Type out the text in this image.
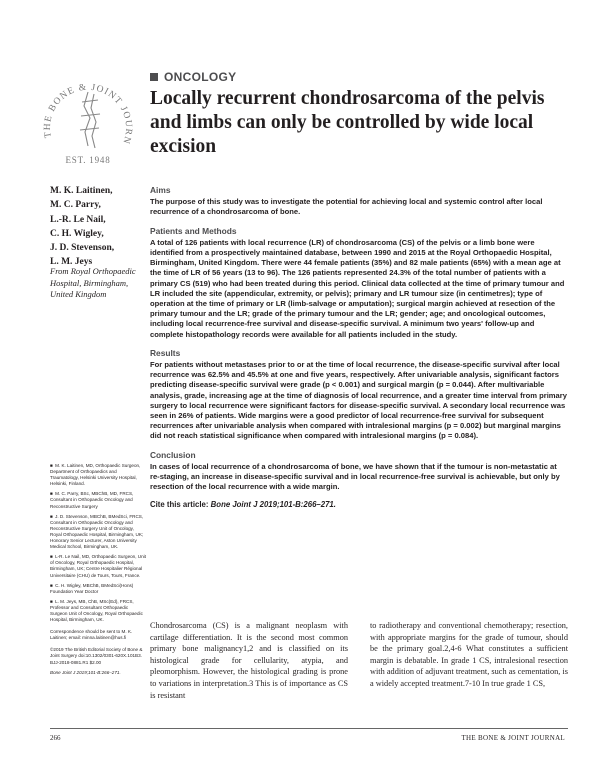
THE BONE & JOINT JOURN
EST. 1948
ONCOLOGY
Locally recurrent chondrosarcoma of the pelvis and limbs can only be controlled by wide local excision
M. K. Laitinen,
M. C. Parry,
L.-R. Le Nail,
C. H. Wigley,
J. D. Stevenson,
L. M. Jeys
From Royal Orthopaedic Hospital, Birmingham, United Kingdom

■ M. K. Laitinen, MD, Orthopaedic Surgeon, Department of Orthopaedics and Traumatology, Helsinki University Hospital, Helsinki, Finland.

■ M. C. Parry, BSc, MBChB, MD, FRCS, Consultant in Orthopaedic Oncology and Reconstructive Surgery

■ J. D. Stevenson, MBChB, BMedSci, FRCS, Consultant in Orthopaedic Oncology and Reconstructive Surgery Unit of Oncology, Royal Orthopaedic Hospital, Birmingham, UK; Honorary Senior Lecturer, Aston University Medical School, Birmingham, UK.

■ L-R. Le Nail, MD, Orthopaedic Surgeon, Unit of Oncology, Royal Orthopaedic Hospital, Birmingham, UK; Centre Hospitalier Régional Universitaire (CHU) de Tours, Tours, France.

■ C. H. Wigley, MBChB, BMedSci(Hons) Foundation Year Doctor

■ L. M. Jeys, MB, ChB, MSc(Ed), FRCS, Professor and Consultant Orthopaedic Surgeon Unit of Oncology, Royal Orthopaedic Hospital, Birmingham, UK.

Correspondence should be sent to M. K. Laitinen; email: minna.laitinen@hus.fi

©2019 The British Editorial Society of Bone & Joint Surgery doi:10.1302/0301-620X.101B3. BJJ-2018-0881.R1 $2.00

Bone Joint J 2019;101-B:266–271.

Aims

The purpose of this study was to investigate the potential for achieving local and systemic control after local recurrence of a chondrosarcoma of bone.

Patients and Methods

A total of 126 patients with local recurrence (LR) of chondrosarcoma (CS) of the pelvis or a limb bone were identified from a prospectively maintained database, between 1990 and 2015 at the Royal Orthopaedic Hospital, Birmingham, United Kingdom. There were 44 female patients (35%) and 82 male patients (65%) with a mean age at the time of LR of 56 years (13 to 96). The 126 patients represented 24.3% of the total number of patients with a primary CS (519) who had been treated during this period. Clinical data collected at the time of primary tumour and LR included the site (appendicular, extremity, or pelvis); primary and LR tumour size (in centimetres); type of operation at the time of primary or LR (limb-salvage or amputation); surgical margin achieved at resection of the primary tumour and the LR; grade of the primary tumour and the LR; gender; age; and oncological outcomes, including local recurrence-free survival and disease-specific survival. A minimum two years' follow-up and complete histopathology records were available for all patients included in the study.

Results

For patients without metastases prior to or at the time of local recurrence, the disease-specific survival after local recurrence was 62.5% and 45.5% at one and five years, respectively. After univariable analysis, significant factors predicting disease-specific survival were grade (p < 0.001) and surgical margin (p = 0.044). After multivariable analysis, grade, increasing age at the time of diagnosis of local recurrence, and a greater time interval from primary surgery to local recurrence were significant factors for disease-specific survival. A secondary local recurrence was seen in 26% of patients. Wide margins were a good predictor of local recurrence-free survival for subsequent recurrences after univariable analysis when compared with intralesional margins (p = 0.002) but marginal margins did not reach statistical significance when compared with intralesional margins (p = 0.084).

Conclusion

In cases of local recurrence of a chondrosarcoma of bone, we have shown that if the tumour is non-metastatic at re-staging, an increase in disease-specific survival and in local recurrence-free survival is achievable, but only by resection of the local recurrence with a wide margin.

Cite this article: Bone Joint J 2019;101-B:266–271.
Chondrosarcoma (CS) is a malignant neoplasm with cartilage differentiation. It is the second most common primary bone malignancy1,2 and is classified on its histological grade for cellularity, atypia, and pleomorphism. However, the histological grading is prone to variations in interpretation.3 This is of importance as CS is resistant
to radiotherapy and conventional chemotherapy; resection, with appropriate margins for the grade of tumour, should be the primary goal.2,4-6 What constitutes a sufficient margin is debatable. In grade 1 CS, intralesional resection with addition of adjuvant treatment, such as cementation, is a widely accepted treatment.7-10 In true grade 1 CS,
266	THE BONE & JOINT JOURNAL
